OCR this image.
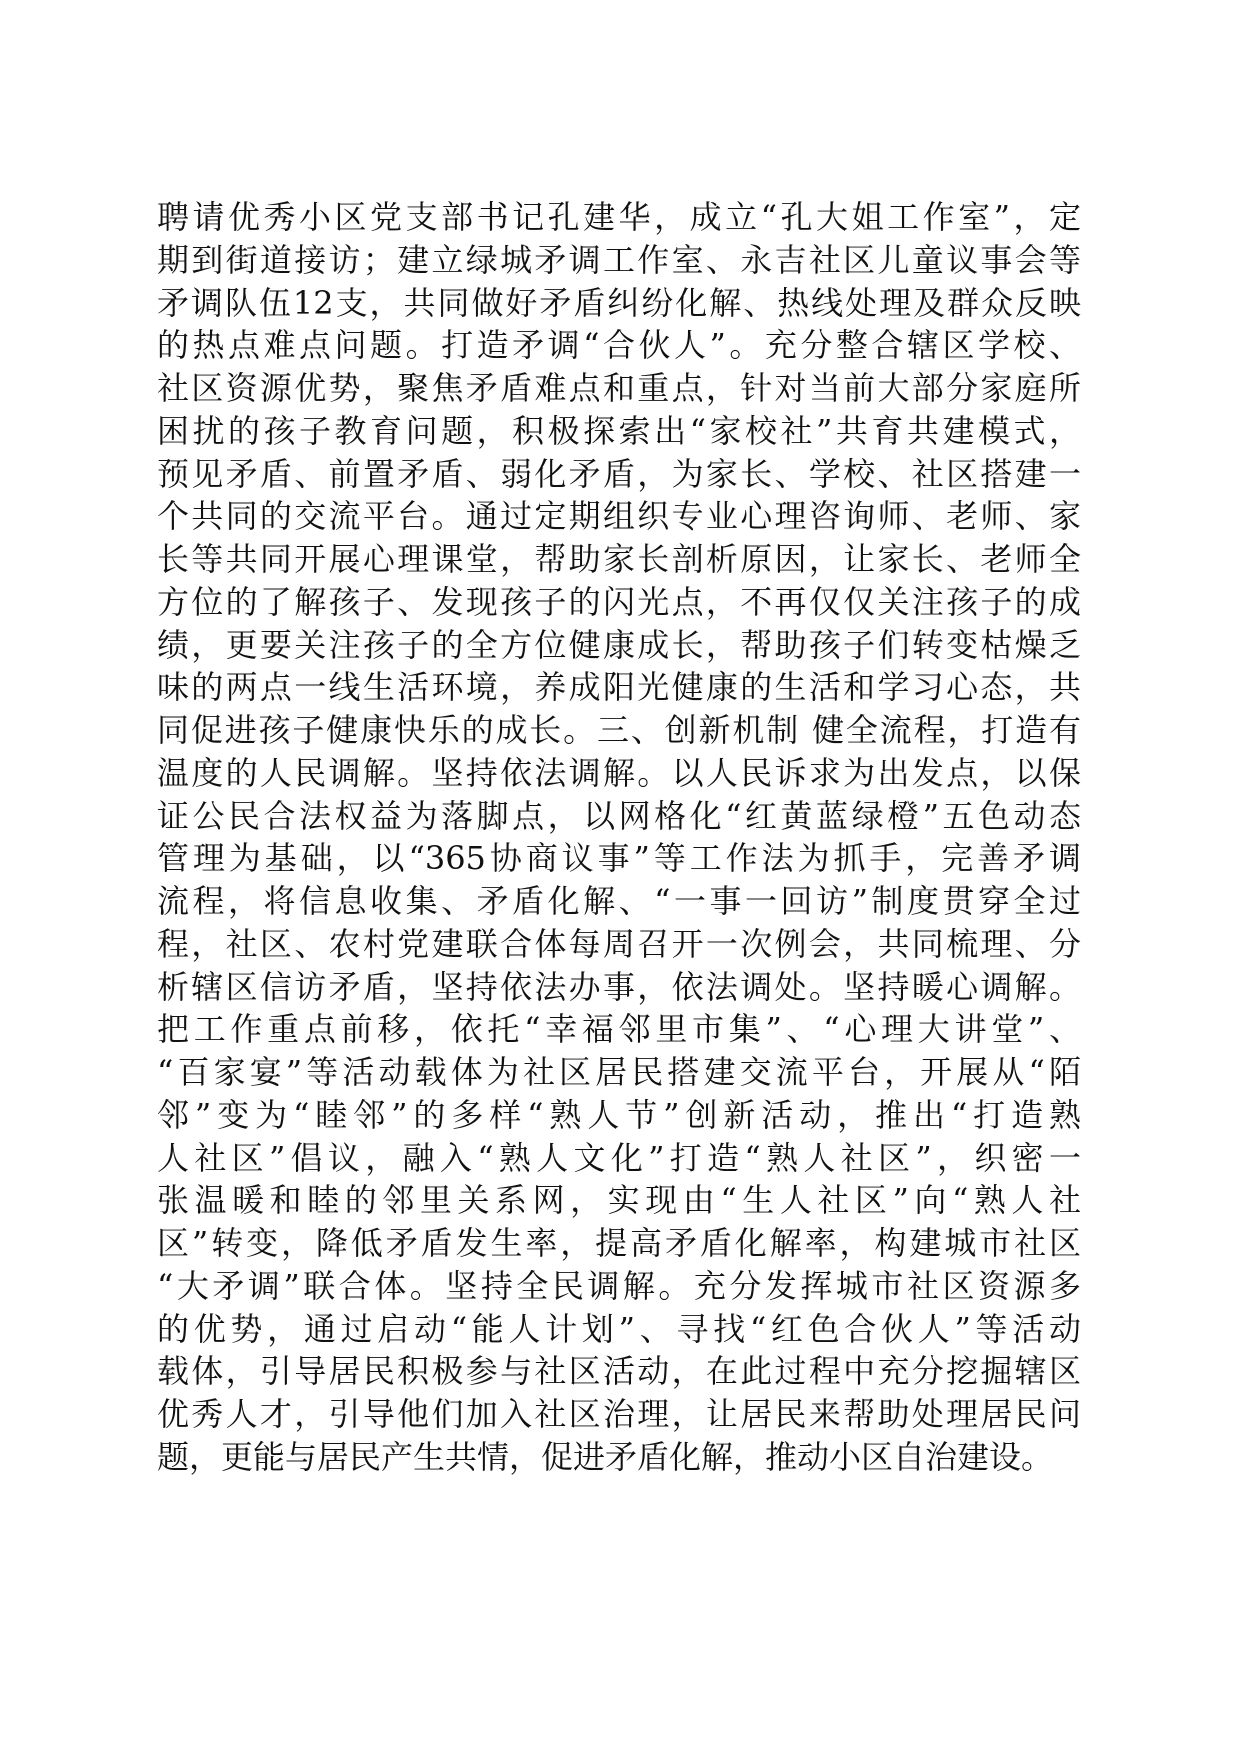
聘请优秀小区党支部书记孔建华，成立“孔大姐工作室”，定
期到街道接访；建立绿城矛调工作室、永吉社区儿童议事会等
矛调队伍12支，共同做好矛盾纠纷化解、热线处理及群众反映
的热点难点问题。打造矛调“合伙人”。充分整合辖区学校、
社区资源优势，聚焦矛盾难点和重点，针对当前大部分家庭所
困扰的孩子教育问题，积极探索出“家校社”共育共建模式，
预见矛盾、前置矛盾、弱化矛盾，为家长、学校、社区搭建一
个共同的交流平台。通过定期组织专业心理咨询师、老师、家
长等共同开展心理课堂，帮助家长剖析原因，让家长、老师全
方位的了解孩子、发现孩子的闪光点，不再仅仅关注孩子的成
绩，更要关注孩子的全方位健康成长，帮助孩子们转变枯燥乏
味的两点一线生活环境，养成阳光健康的生活和学习心态，共
同促进孩子健康快乐的成长。三、创新机制 健全流程，打造有
温度的人民调解。坚持依法调解。以人民诉求为出发点，以保
证公民合法权益为落脚点，以网格化“红黄蓝绿橙”五色动态
管理为基础，以“365协商议事”等工作法为抓手，完善矛调
流程，将信息收集、矛盾化解、“一事一回访”制度贯穿全过
程，社区、农村党建联合体每周召开一次例会，共同梳理、分
析辖区信访矛盾，坚持依法办事，依法调处。坚持暖心调解。
把工作重点前移，依托“幸福邻里市集”、“心理大讲堂”、
“百家宴”等活动载体为社区居民搭建交流平台，开展从“陌
邻”变为“睦邻”的多样“熟人节”创新活动，推出“打造熟
人社区”倡议，融入“熟人文化”打造“熟人社区”，织密一
张温暖和睦的邻里关系网，实现由“生人社区”向“熟人社
区”转变，降低矛盾发生率，提高矛盾化解率，构建城市社区
“大矛调”联合体。坚持全民调解。充分发挥城市社区资源多
的优势，通过启动“能人计划”、寻找“红色合伙人”等活动
载体，引导居民积极参与社区活动，在此过程中充分挖掘辖区
优秀人才，引导他们加入社区治理，让居民来帮助处理居民问
题，更能与居民产生共情，促进矛盾化解，推动小区自治建设。
